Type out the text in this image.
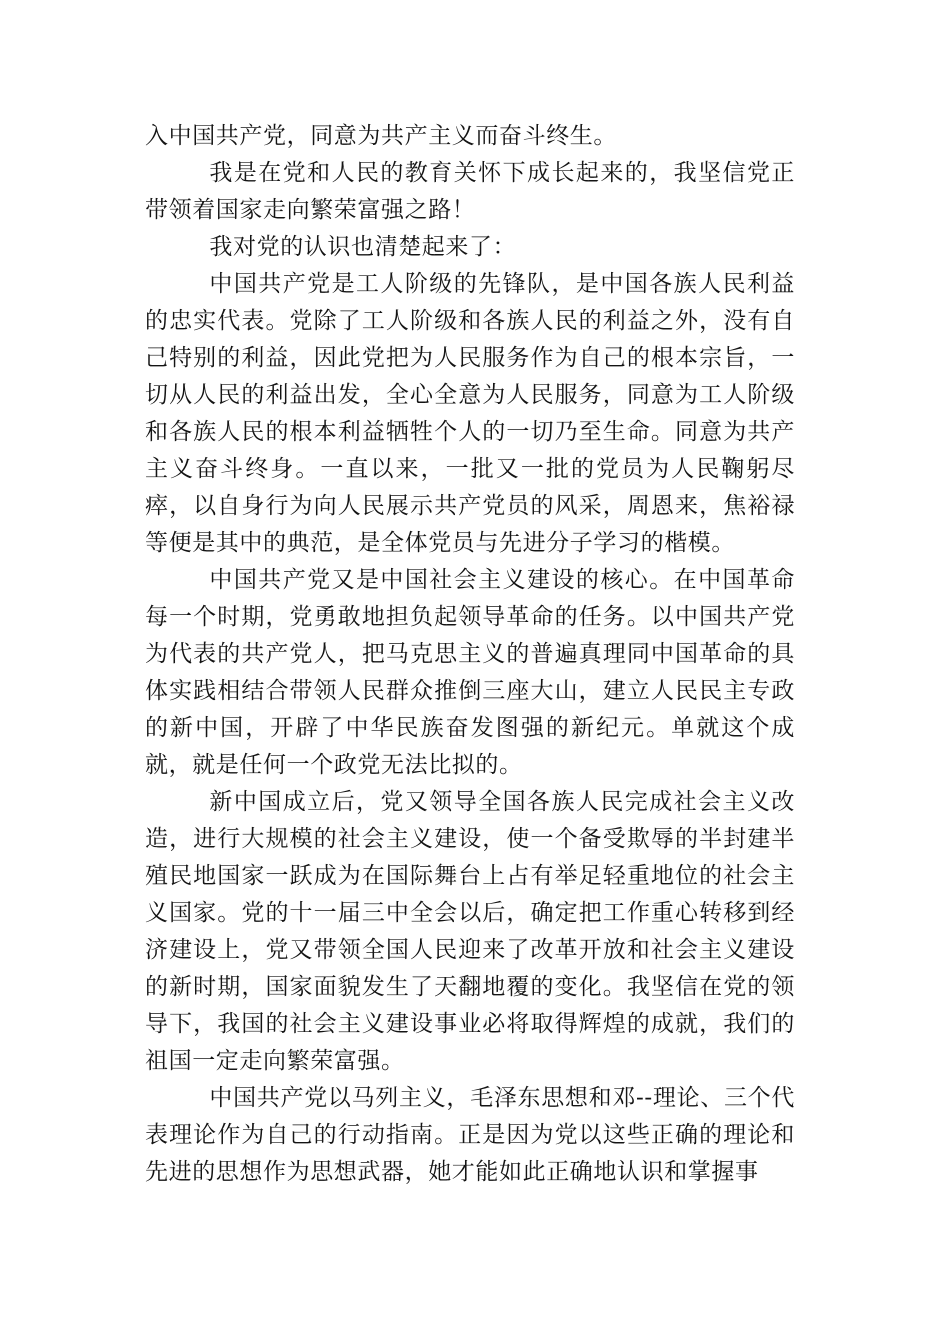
入中国共产党，同意为共产主义而奋斗终生。

我是在党和人民的教育关怀下成长起来的，我坚信党正带领着国家走向繁荣富强之路！

我对党的认识也清楚起来了：

中国共产党是工人阶级的先锋队，是中国各族人民利益的忠实代表。党除了工人阶级和各族人民的利益之外，没有自己特别的利益，因此党把为人民服务作为自己的根本宗旨，一切从人民的利益出发，全心全意为人民服务，同意为工人阶级和各族人民的根本利益牺牲个人的一切乃至生命。同意为共产主义奋斗终身。一直以来，一批又一批的党员为人民鞠躬尽瘁，以自身行为向人民展示共产党员的风采，周恩来，焦裕禄等便是其中的典范，是全体党员与先进分子学习的楷模。

中国共产党又是中国社会主义建设的核心。在中国革命每一个时期，党勇敢地担负起领导革命的任务。以中国共产党为代表的共产党人，把马克思主义的普遍真理同中国革命的具体实践相结合带领人民群众推倒三座大山，建立人民民主专政的新中国，开辟了中华民族奋发图强的新纪元。单就这个成就，就是任何一个政党无法比拟的。

新中国成立后，党又领导全国各族人民完成社会主义改造，进行大规模的社会主义建设，使一个备受欺辱的半封建半殖民地国家一跃成为在国际舞台上占有举足轻重地位的社会主义国家。党的十一届三中全会以后，确定把工作重心转移到经济建设上，党又带领全国人民迎来了改革开放和社会主义建设的新时期，国家面貌发生了天翻地覆的变化。我坚信在党的领导下，我国的社会主义建设事业必将取得辉煌的成就，我们的祖国一定走向繁荣富强。

中国共产党以马列主义，毛泽东思想和邓--理论、三个代表理论作为自己的行动指南。正是因为党以这些正确的理论和先进的思想作为思想武器，她才能如此正确地认识和掌握事
